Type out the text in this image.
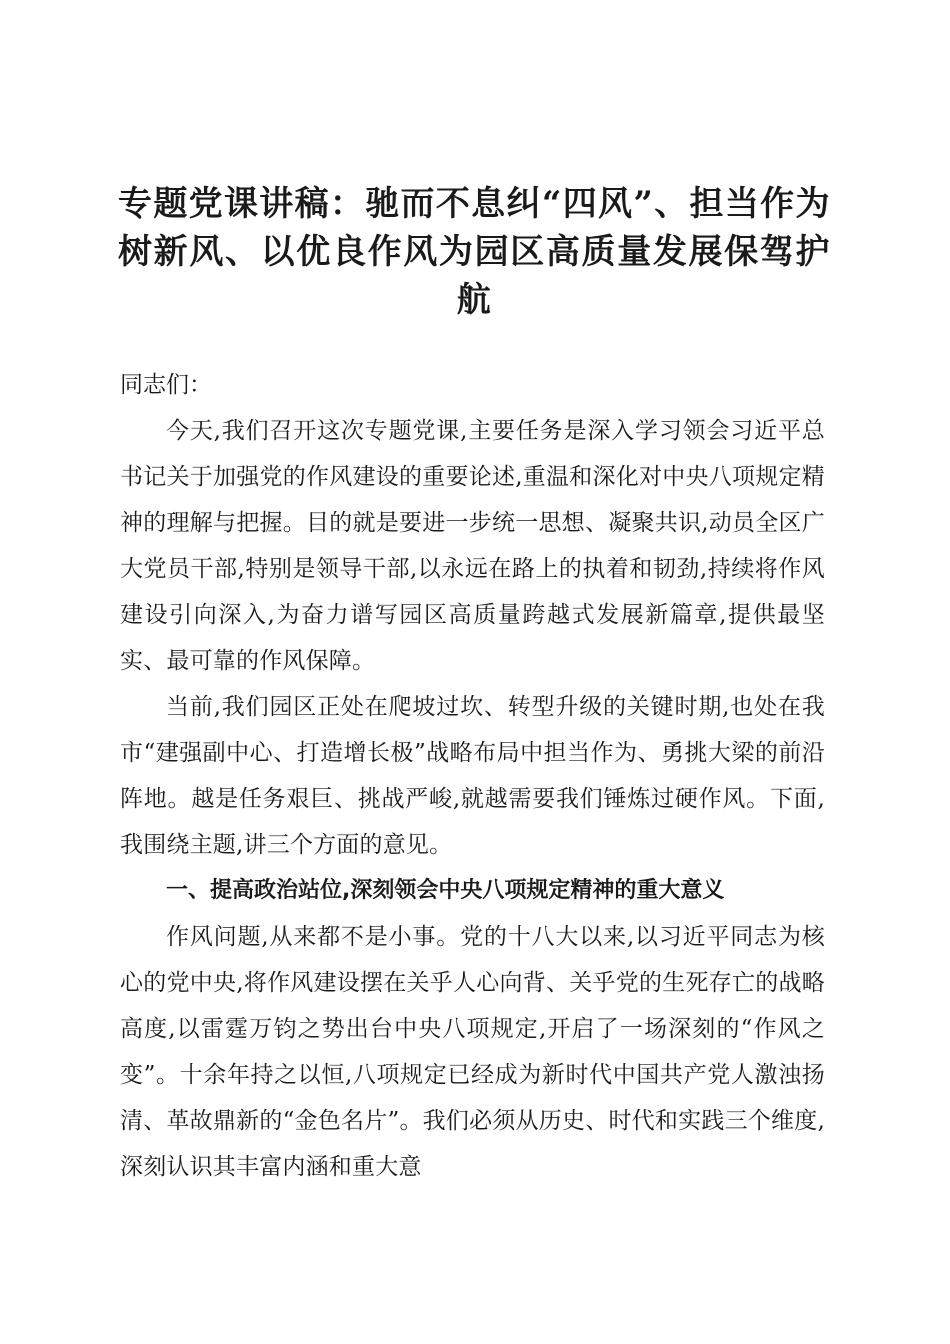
专题党课讲稿：驰而不息纠“四风”、担当作为树新风、以优良作风为园区高质量发展保驾护航

同志们：

今天,我们召开这次专题党课,主要任务是深入学习领会习近平总书记关于加强党的作风建设的重要论述,重温和深化对中央八项规定精神的理解与把握。目的就是要进一步统一思想、凝聚共识,动员全区广大党员干部,特别是领导干部,以永远在路上的执着和韧劲,持续将作风建设引向深入,为奋力谱写园区高质量跨越式发展新篇章,提供最坚实、最可靠的作风保障。

当前,我们园区正处在爬坡过坎、转型升级的关键时期,也处在我市“建强副中心、打造增长极”战略布局中担当作为、勇挑大梁的前沿阵地。越是任务艰巨、挑战严峻,就越需要我们锤炼过硬作风。下面,我围绕主题,讲三个方面的意见。

一、提高政治站位,深刻领会中央八项规定精神的重大意义

作风问题,从来都不是小事。党的十八大以来,以习近平同志为核心的党中央,将作风建设摆在关乎人心向背、关乎党的生死存亡的战略高度,以雷霆万钧之势出台中央八项规定,开启了一场深刻的“作风之变”。十余年持之以恒,八项规定已经成为新时代中国共产党人激浊扬清、革故鼎新的“金色名片”。我们必须从历史、时代和实践三个维度,深刻认识其丰富内涵和重大意
